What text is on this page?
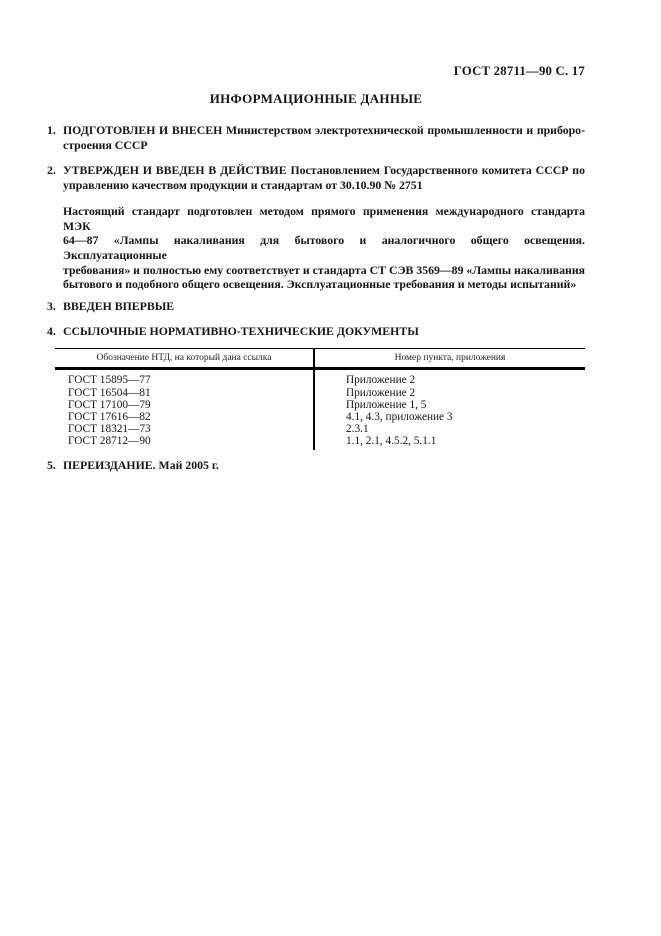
ГОСТ 28711—90 С. 17
ИНФОРМАЦИОННЫЕ ДАННЫЕ
1. ПОДГОТОВЛЕН И ВНЕСЕН Министерством электротехнической промышленности и приборо-
строения СССР
2. УТВЕРЖДЕН И ВВЕДЕН В ДЕЙСТВИЕ Постановлением Государственного комитета СССР по
управлению качеством продукции и стандартам от 30.10.90 № 2751
Настоящий стандарт подготовлен методом прямого применения международного стандарта МЭК
64—87 «Лампы накаливания для бытового и аналогичного общего освещения. Эксплуатационные
требования» и полностью ему соответствует и стандарта СТ СЭВ 3569—89 «Лампы накаливания
бытового и подобного общего освещения. Эксплуатационные требования и методы испытаний»
3. ВВЕДЕН ВПЕРВЫЕ
4. ССЫЛОЧНЫЕ НОРМАТИВНО-ТЕХНИЧЕСКИЕ ДОКУМЕНТЫ
Обозначение НТД, на который дана ссылка	Номер пункта, приложения
ГОСТ 15895—77	Приложение 2
ГОСТ 16504—81	Приложение 2
ГОСТ 17100—79	Приложение 1, 5
ГОСТ 17616—82	4.1, 4.3, приложение 3
ГОСТ 18321—73	2.3.1
ГОСТ 28712—90	1.1, 2.1, 4.5.2, 5.1.1
5. ПЕРЕИЗДАНИЕ. Май 2005 г.
